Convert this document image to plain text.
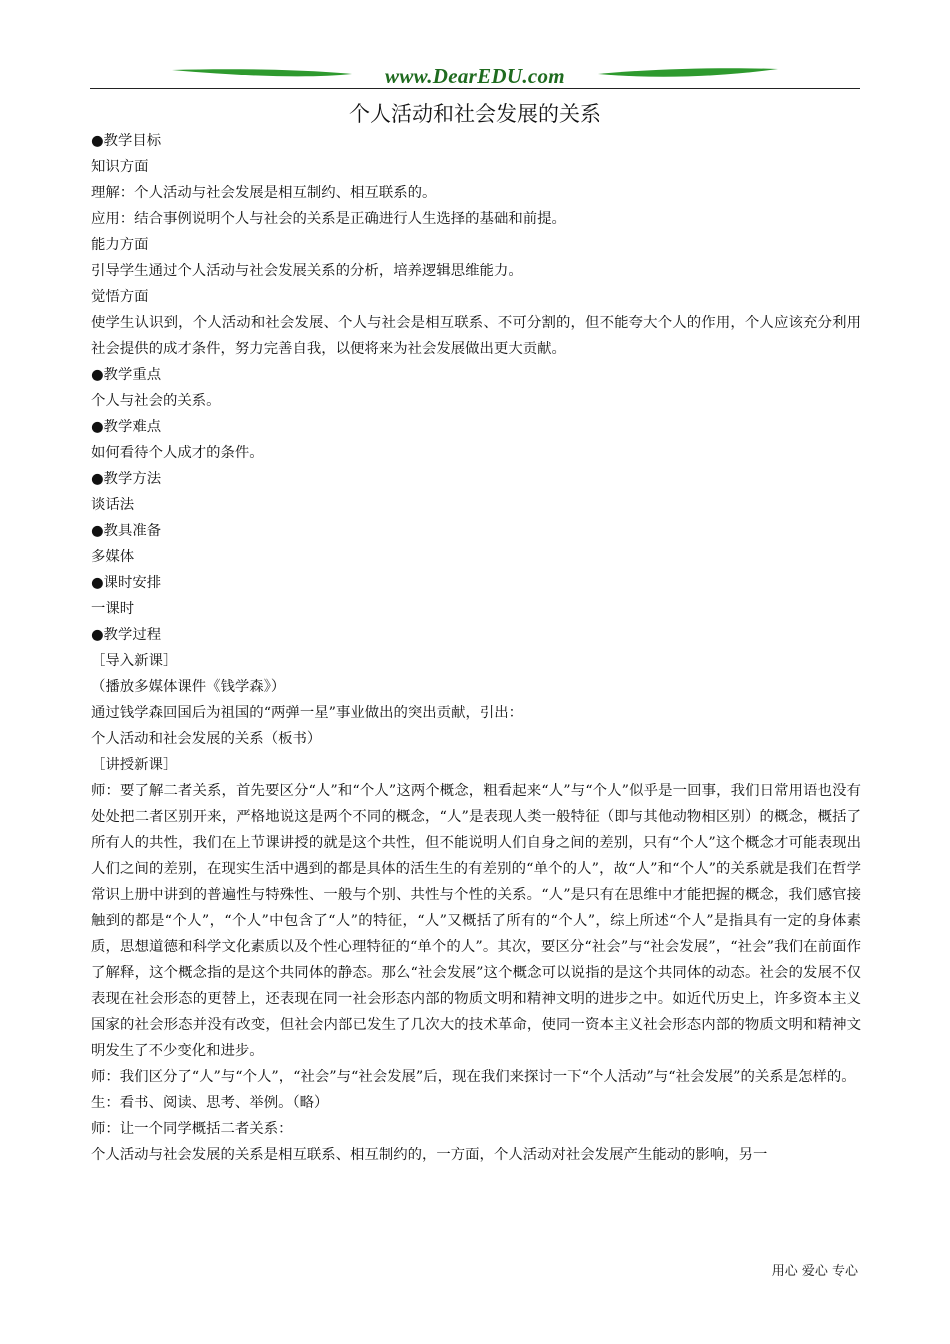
www.DearEDU.com
个人活动和社会发展的关系

●教学目标

知识方面

理解：个人活动与社会发展是相互制约、相互联系的。

应用：结合事例说明个人与社会的关系是正确进行人生选择的基础和前提。

能力方面

引导学生通过个人活动与社会发展关系的分析，培养逻辑思维能力。

觉悟方面

使学生认识到，个人活动和社会发展、个人与社会是相互联系、不可分割的，但不能夸大个人的作用，个人应该充分利用社会提供的成才条件，努力完善自我，以便将来为社会发展做出更大贡献。

●教学重点

个人与社会的关系。

●教学难点

如何看待个人成才的条件。

●教学方法

谈话法

●教具准备

多媒体

●课时安排

一课时

●教学过程

［导入新课］

（播放多媒体课件《钱学森》）

通过钱学森回国后为祖国的“两弹一星”事业做出的突出贡献，引出：

个人活动和社会发展的关系（板书）

［讲授新课］

师：要了解二者关系，首先要区分“人”和“个人”这两个概念，粗看起来“人”与“个人”似乎是一回事，我们日常用语也没有处处把二者区别开来，严格地说这是两个不同的概念，“人”是表现人类一般特征（即与其他动物相区别）的概念，概括了所有人的共性，我们在上节课讲授的就是这个共性，但不能说明人们自身之间的差别，只有“个人”这个概念才可能表现出人们之间的差别，在现实生活中遇到的都是具体的活生生的有差别的“单个的人”，故“人”和“个人”的关系就是我们在哲学常识上册中讲到的普遍性与特殊性、一般与个别、共性与个性的关系。“人”是只有在思维中才能把握的概念，我们感官接触到的都是“个人”，“个人”中包含了“人”的特征，“人”又概括了所有的“个人”，综上所述“个人”是指具有一定的身体素质，思想道德和科学文化素质以及个性心理特征的“单个的人”。其次，要区分“社会”与“社会发展”，“社会”我们在前面作了解释，这个概念指的是这个共同体的静态。那么“社会发展”这个概念可以说指的是这个共同体的动态。社会的发展不仅表现在社会形态的更替上，还表现在同一社会形态内部的物质文明和精神文明的进步之中。如近代历史上，许多资本主义国家的社会形态并没有改变，但社会内部已发生了几次大的技术革命，使同一资本主义社会形态内部的物质文明和精神文明发生了不少变化和进步。

师：我们区分了“人”与“个人”，“社会”与“社会发展”后，现在我们来探讨一下“个人活动”与“社会发展”的关系是怎样的。

生：看书、阅读、思考、举例。（略）

师：让一个同学概括二者关系：

个人活动与社会发展的关系是相互联系、相互制约的，一方面，个人活动对社会发展产生能动的影响，另一

用心 爱心 专心
